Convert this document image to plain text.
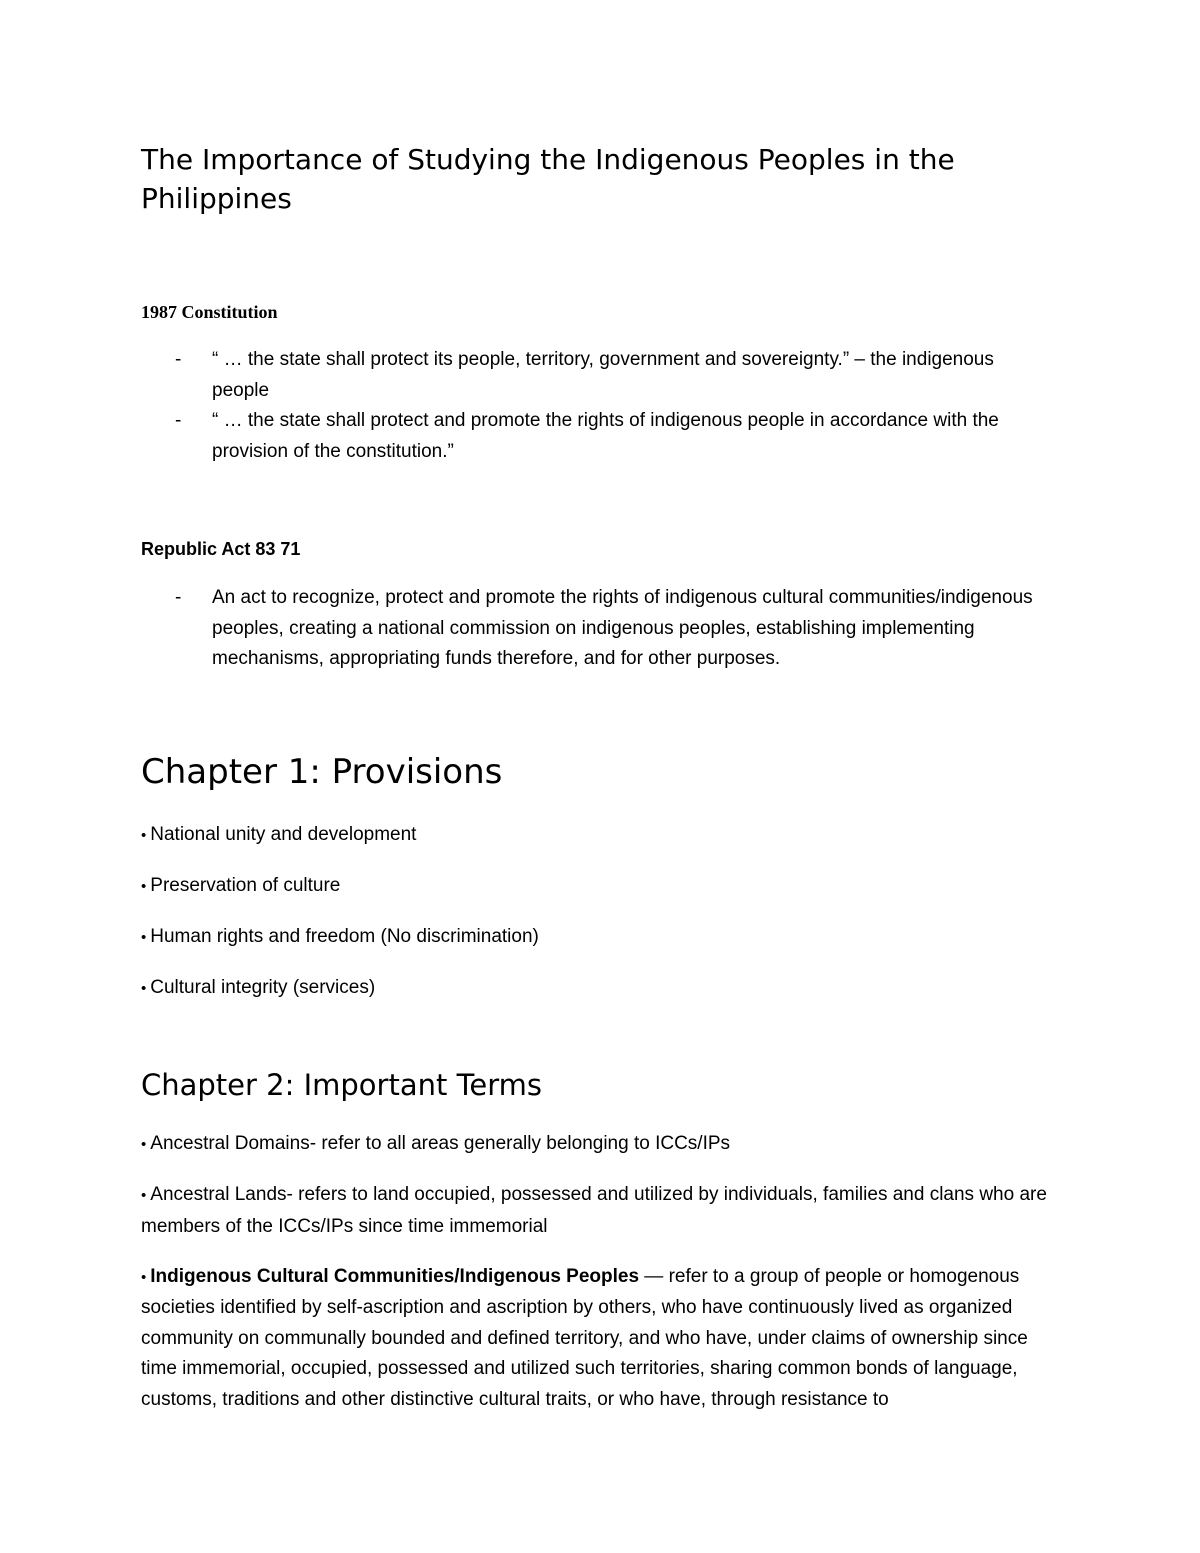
The Importance of Studying the Indigenous Peoples in the Philippines
1987 Constitution
- “ … the state shall protect its people, territory, government and sovereignty.” – the indigenous people
- “ … the state shall protect and promote the rights of indigenous people in accordance with the provision of the constitution.”
Republic Act 83 71
- An act to recognize, protect and promote the rights of indigenous cultural communities/indigenous peoples, creating a national commission on indigenous peoples, establishing implementing mechanisms, appropriating funds therefore, and for other purposes.
Chapter 1: Provisions
• National unity and development
• Preservation of culture
• Human rights and freedom (No discrimination)
• Cultural integrity (services)
Chapter 2: Important Terms
• Ancestral Domains- refer to all areas generally belonging to ICCs/IPs
• Ancestral Lands- refers to land occupied, possessed and utilized by individuals, families and clans who are members of the ICCs/IPs since time immemorial
• Indigenous Cultural Communities/Indigenous Peoples — refer to a group of people or homogenous societies identified by self-ascription and ascription by others, who have continuously lived as organized community on communally bounded and defined territory, and who have, under claims of ownership since time immemorial, occupied, possessed and utilized such territories, sharing common bonds of language, customs, traditions and other distinctive cultural traits, or who have, through resistance to
